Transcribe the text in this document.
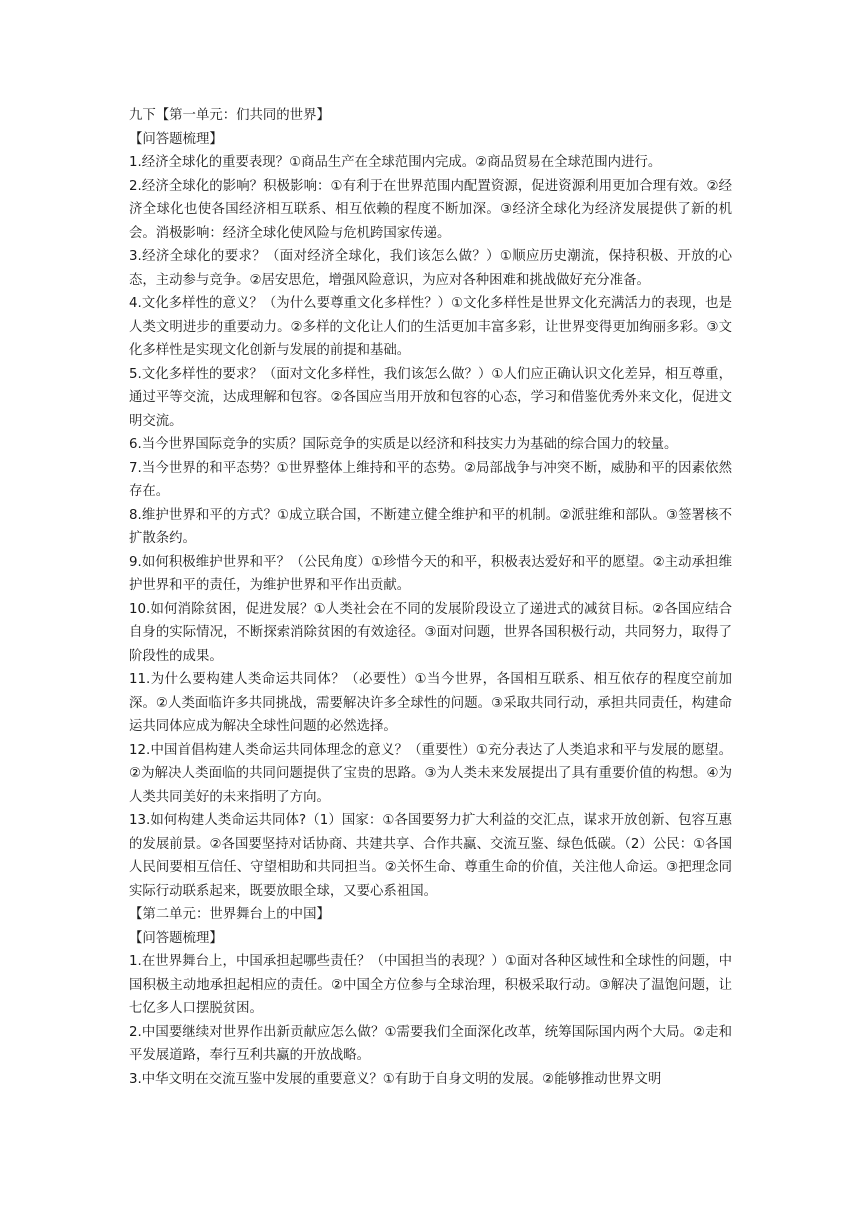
九下【第一单元：们共同的世界】

【问答题梳理】

1.经济全球化的重要表现？①商品生产在全球范围内完成。②商品贸易在全球范围内进行。

2.经济全球化的影响？积极影响：①有利于在世界范围内配置资源，促进资源利用更加合理有效。②经济全球化也使各国经济相互联系、相互依赖的程度不断加深。③经济全球化为经济发展提供了新的机会。消极影响：经济全球化使风险与危机跨国家传递。

3.经济全球化的要求？（面对经济全球化，我们该怎么做？）①顺应历史潮流，保持积极、开放的心态，主动参与竞争。②居安思危，增强风险意识，为应对各种困难和挑战做好充分准备。

4.文化多样性的意义？（为什么要尊重文化多样性？）①文化多样性是世界文化充满活力的表现，也是人类文明进步的重要动力。②多样的文化让人们的生活更加丰富多彩，让世界变得更加绚丽多彩。③文化多样性是实现文化创新与发展的前提和基础。

5.文化多样性的要求？（面对文化多样性，我们该怎么做？）①人们应正确认识文化差异，相互尊重，通过平等交流，达成理解和包容。②各国应当用开放和包容的心态，学习和借鉴优秀外来文化，促进文明交流。

6.当今世界国际竞争的实质？国际竞争的实质是以经济和科技实力为基础的综合国力的较量。

7.当今世界的和平态势？①世界整体上维持和平的态势。②局部战争与冲突不断，威胁和平的因素依然存在。

8.维护世界和平的方式？①成立联合国，不断建立健全维护和平的机制。②派驻维和部队。③签署核不扩散条约。

9.如何积极维护世界和平？（公民角度）①珍惜今天的和平，积极表达爱好和平的愿望。②主动承担维护世界和平的责任，为维护世界和平作出贡献。

10.如何消除贫困，促进发展？①人类社会在不同的发展阶段设立了递进式的减贫目标。②各国应结合自身的实际情况，不断探索消除贫困的有效途径。③面对问题，世界各国积极行动，共同努力，取得了阶段性的成果。

11.为什么要构建人类命运共同体？（必要性）①当今世界，各国相互联系、相互依存的程度空前加深。②人类面临许多共同挑战，需要解决许多全球性的问题。③采取共同行动，承担共同责任，构建命运共同体应成为解决全球性问题的必然选择。

12.中国首倡构建人类命运共同体理念的意义？（重要性）①充分表达了人类追求和平与发展的愿望。②为解决人类面临的共同问题提供了宝贵的思路。③为人类未来发展提出了具有重要价值的构想。④为人类共同美好的未来指明了方向。

13.如何构建人类命运共同体?（1）国家：①各国要努力扩大利益的交汇点，谋求开放创新、包容互惠的发展前景。②各国要坚持对话协商、共建共享、合作共赢、交流互鉴、绿色低碳。（2）公民：①各国人民间要相互信任、守望相助和共同担当。②关怀生命、尊重生命的价值，关注他人命运。③把理念同实际行动联系起来，既要放眼全球，又要心系祖国。

【第二单元：世界舞台上的中国】

【问答题梳理】

1.在世界舞台上，中国承担起哪些责任？（中国担当的表现？）①面对各种区域性和全球性的问题，中国积极主动地承担起相应的责任。②中国全方位参与全球治理，积极采取行动。③解决了温饱问题，让七亿多人口摆脱贫困。

2.中国要继续对世界作出新贡献应怎么做？①需要我们全面深化改革，统筹国际国内两个大局。②走和平发展道路，奉行互利共赢的开放战略。

3.中华文明在交流互鉴中发展的重要意义？①有助于自身文明的发展。②能够推动世界文明
